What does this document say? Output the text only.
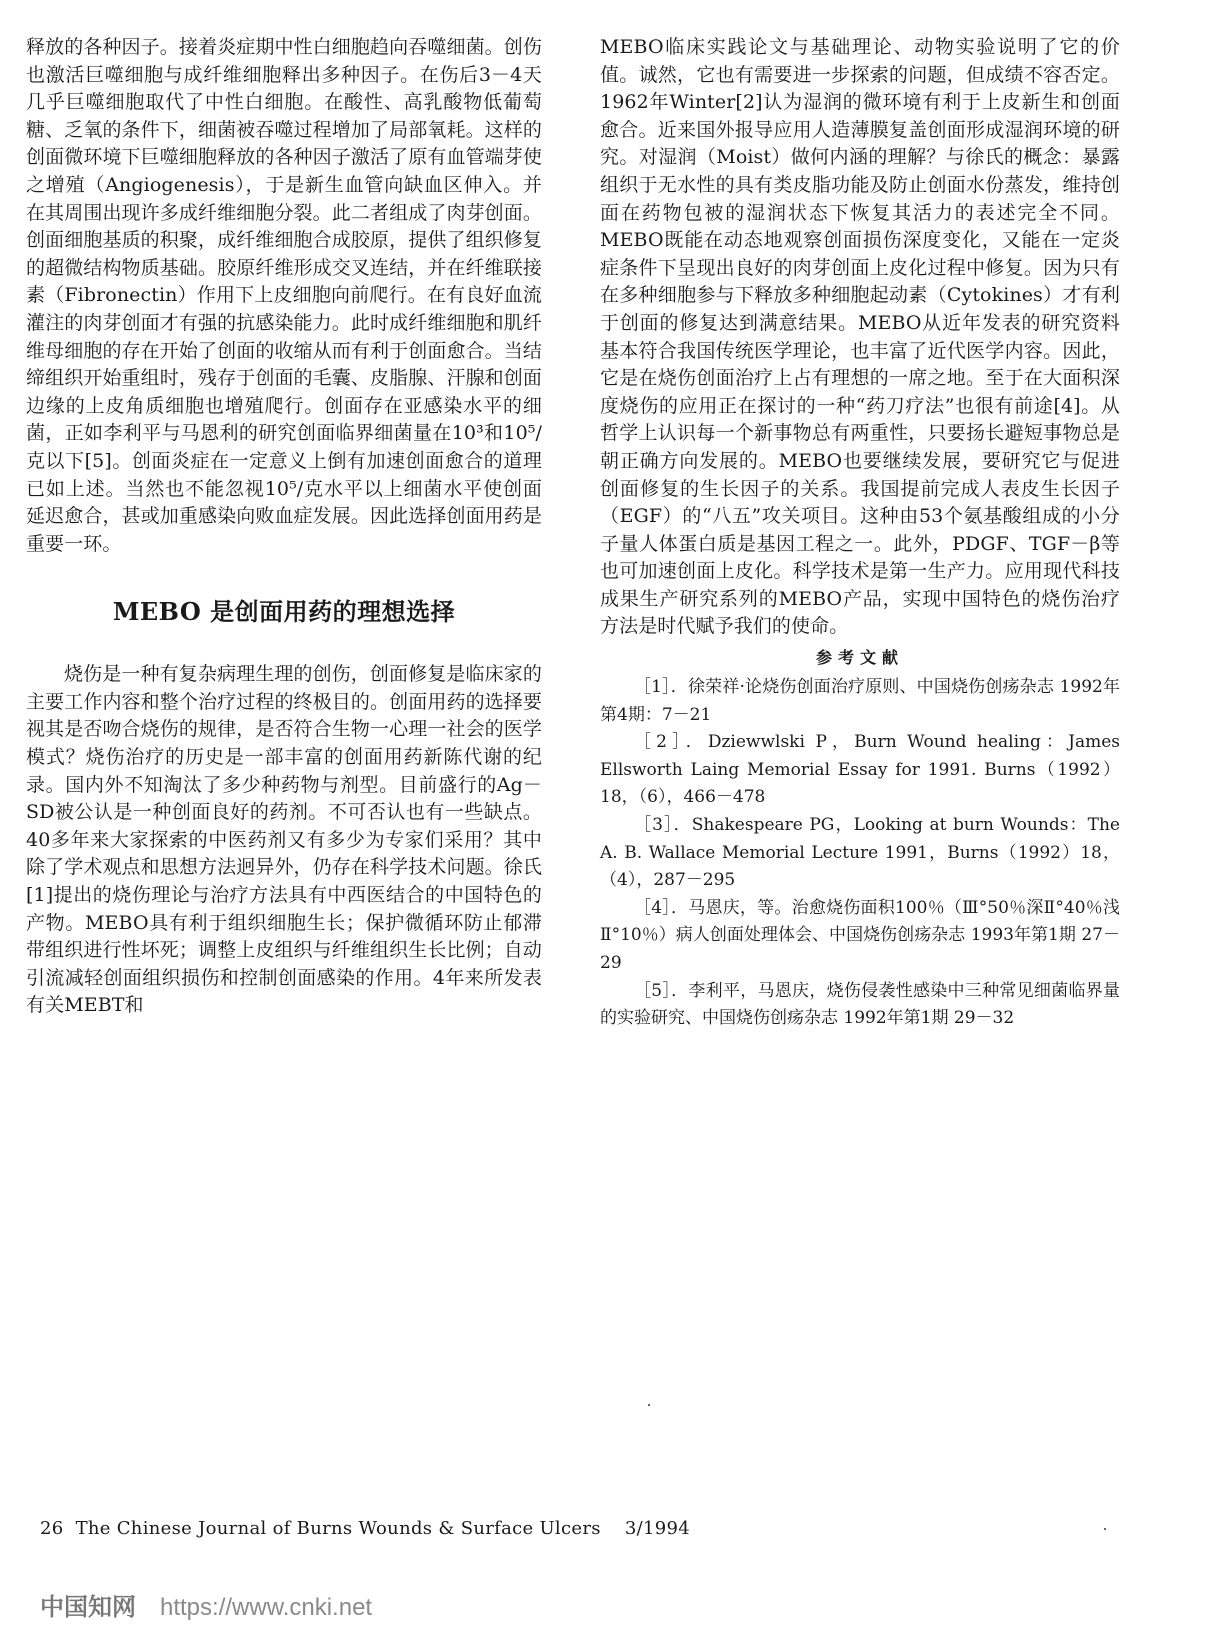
释放的各种因子。接着炎症期中性白细胞趋向吞噬细菌。创伤也激活巨噬细胞与成纤维细胞释出多种因子。在伤后3－4天几乎巨噬细胞取代了中性白细胞。在酸性、高乳酸物低葡萄糖、乏氧的条件下，细菌被吞噬过程增加了局部氧耗。这样的创面微环境下巨噬细胞释放的各种因子激活了原有血管端芽使之增殖（Angiogenesis），于是新生血管向缺血区伸入。并在其周围出现许多成纤维细胞分裂。此二者组成了肉芽创面。创面细胞基质的积聚，成纤维细胞合成胶原，提供了组织修复的超微结构物质基础。胶原纤维形成交叉连结，并在纤维联接素（Fibronectin）作用下上皮细胞向前爬行。在有良好血流灌注的肉芽创面才有强的抗感染能力。此时成纤维细胞和肌纤维母细胞的存在开始了创面的收缩从而有利于创面愈合。当结缔组织开始重组时，残存于创面的毛囊、皮脂腺、汗腺和创面边缘的上皮角质细胞也增殖爬行。创面存在亚感染水平的细菌，正如李利平与马恩利的研究创面临界细菌量在10³和10⁵/克以下[5]。创面炎症在一定意义上倒有加速创面愈合的道理已如上述。当然也不能忽视10⁵/克水平以上细菌水平使创面延迟愈合，甚或加重感染向败血症发展。因此选择创面用药是重要一环。

MEBO 是创面用药的理想选择

烧伤是一种有复杂病理生理的创伤，创面修复是临床家的主要工作内容和整个治疗过程的终极目的。创面用药的选择要视其是否吻合烧伤的规律，是否符合生物一心理一社会的医学模式？烧伤治疗的历史是一部丰富的创面用药新陈代谢的纪录。国内外不知淘汰了多少种药物与剂型。目前盛行的Ag－SD被公认是一种创面良好的药剂。不可否认也有一些缺点。40多年来大家探索的中医药剂又有多少为专家们采用？其中除了学术观点和思想方法迥异外，仍存在科学技术问题。徐氏[1]提出的烧伤理论与治疗方法具有中西医结合的中国特色的产物。MEBO具有利于组织细胞生长；保护微循环防止郁滞带组织进行性坏死；调整上皮组织与纤维组织生长比例；自动引流减轻创面组织损伤和控制创面感染的作用。4年来所发表有关MEBT和

MEBO临床实践论文与基础理论、动物实验说明了它的价值。诚然，它也有需要进一步探索的问题，但成绩不容否定。1962年Winter[2]认为湿润的微环境有利于上皮新生和创面愈合。近来国外报导应用人造薄膜复盖创面形成湿润环境的研究。对湿润（Moist）做何内涵的理解？与徐氏的概念：暴露组织于无水性的具有类皮脂功能及防止创面水份蒸发，维持创面在药物包被的湿润状态下恢复其活力的表述完全不同。MEBO既能在动态地观察创面损伤深度变化，又能在一定炎症条件下呈现出良好的肉芽创面上皮化过程中修复。因为只有在多种细胞参与下释放多种细胞起动素（Cytokines）才有利于创面的修复达到满意结果。MEBO从近年发表的研究资料基本符合我国传统医学理论，也丰富了近代医学内容。因此，它是在烧伤创面治疗上占有理想的一席之地。至于在大面积深度烧伤的应用正在探讨的一种“药刀疗法”也很有前途[4]。从哲学上认识每一个新事物总有两重性，只要扬长避短事物总是朝正确方向发展的。MEBO也要继续发展，要研究它与促进创面修复的生长因子的关系。我国提前完成人表皮生长因子（EGF）的“八五”攻关项目。这种由53个氨基酸组成的小分子量人体蛋白质是基因工程之一。此外，PDGF、TGF－β等也可加速创面上皮化。科学技术是第一生产力。应用现代科技成果生产研究系列的MEBO产品，实现中国特色的烧伤治疗方法是时代赋予我们的使命。

参考文献

［1］．徐荣祥·论烧伤创面治疗原则、中国烧伤创疡杂志 1992年第4期：7－21

［2］．Dziewwlski P，Burn Wound healing：James Ellsworth Laing Memorial Essay for 1991. Burns（1992）18，（6），466－478

［3］．Shakespeare PG，Looking at burn Wounds：The A. B. Wallace Memorial Lecture 1991，Burns（1992）18，（4），287－295

［4］．马恩庆，等。治愈烧伤面积100％（Ⅲ°50％深Ⅱ°40％浅Ⅱ°10％）病人创面处理体会、中国烧伤创疡杂志 1993年第1期 27－29

［5］．李利平，马恩庆，烧伤侵袭性感染中三种常见细菌临界量的实验研究、中国烧伤创疡杂志 1992年第1期 29－32

26 The Chinese Journal of Burns Wounds & Surface Ulcers 3/1994
中国知网 https://www.cnki.net
